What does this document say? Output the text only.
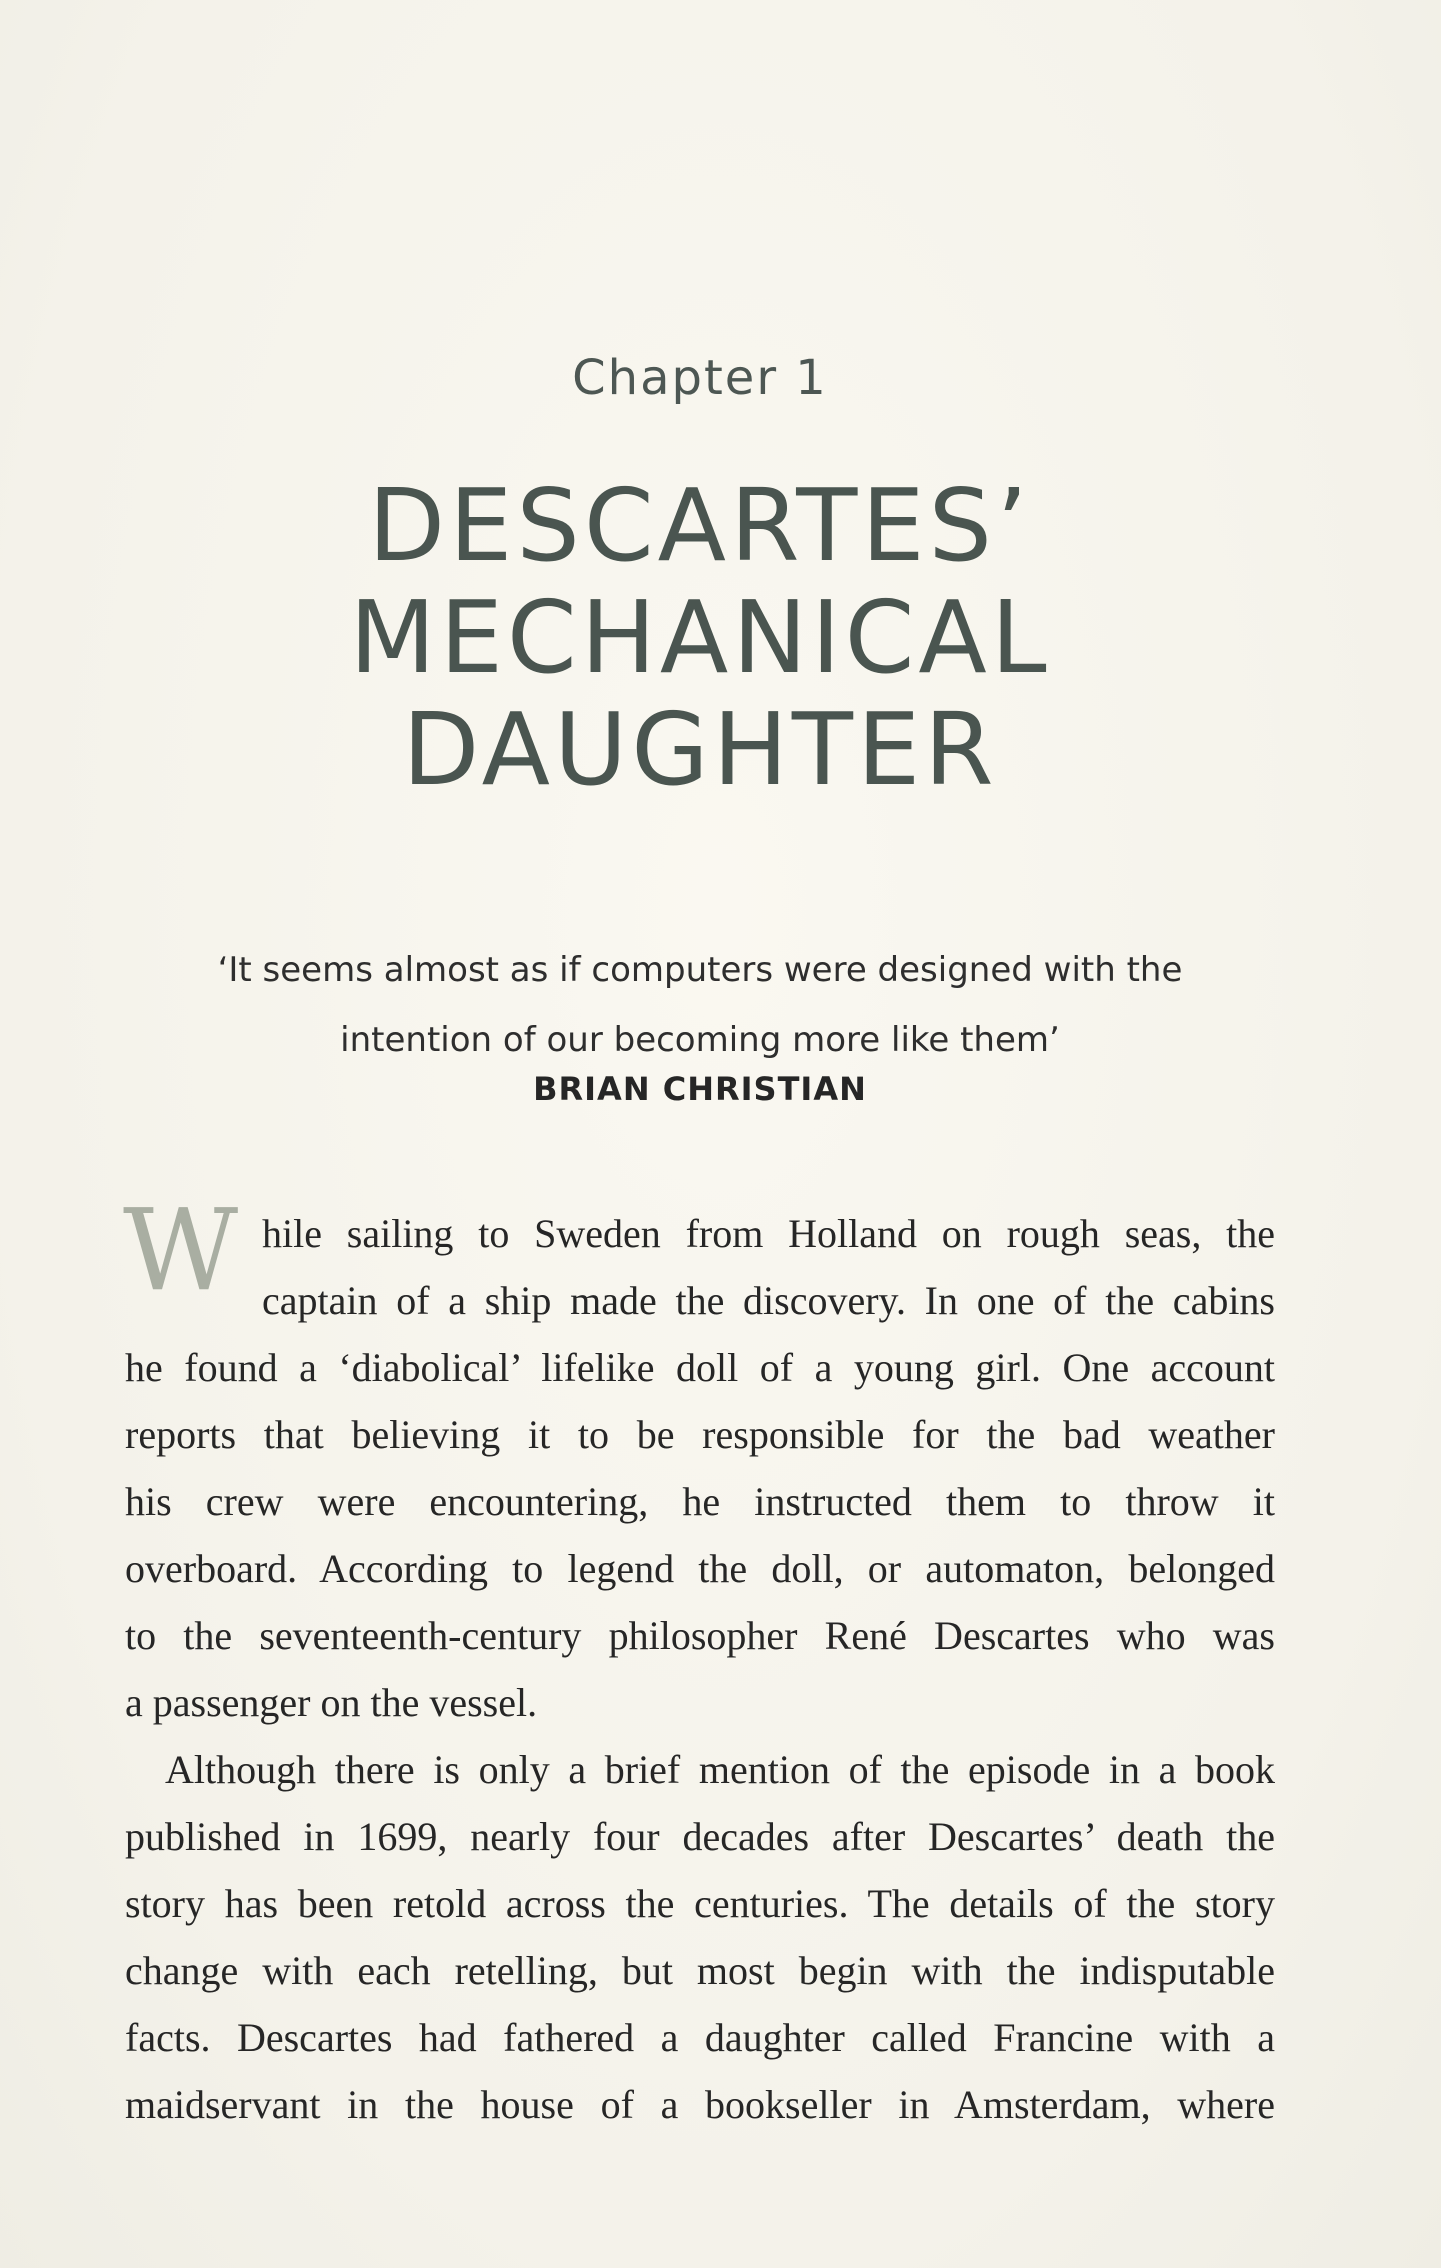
Chapter 1
DESCARTES’
MECHANICAL
DAUGHTER
‘It seems almost as if computers were designed with the
intention of our becoming more like them’
BRIAN CHRISTIAN
W hile sailing to Sweden from Holland on rough seas, the
captain of a ship made the discovery. In one of the cabins
he found a ‘diabolical’ lifelike doll of a young girl. One account
reports that believing it to be responsible for the bad weather
his crew were encountering, he instructed them to throw it
overboard. According to legend the doll, or automaton, belonged
to the seventeenth-century philosopher René Descartes who was
a passenger on the vessel.
Although there is only a brief mention of the episode in a book
published in 1699, nearly four decades after Descartes’ death the
story has been retold across the centuries. The details of the story
change with each retelling, but most begin with the indisputable
facts. Descartes had fathered a daughter called Francine with a
maidservant in the house of a bookseller in Amsterdam, where
